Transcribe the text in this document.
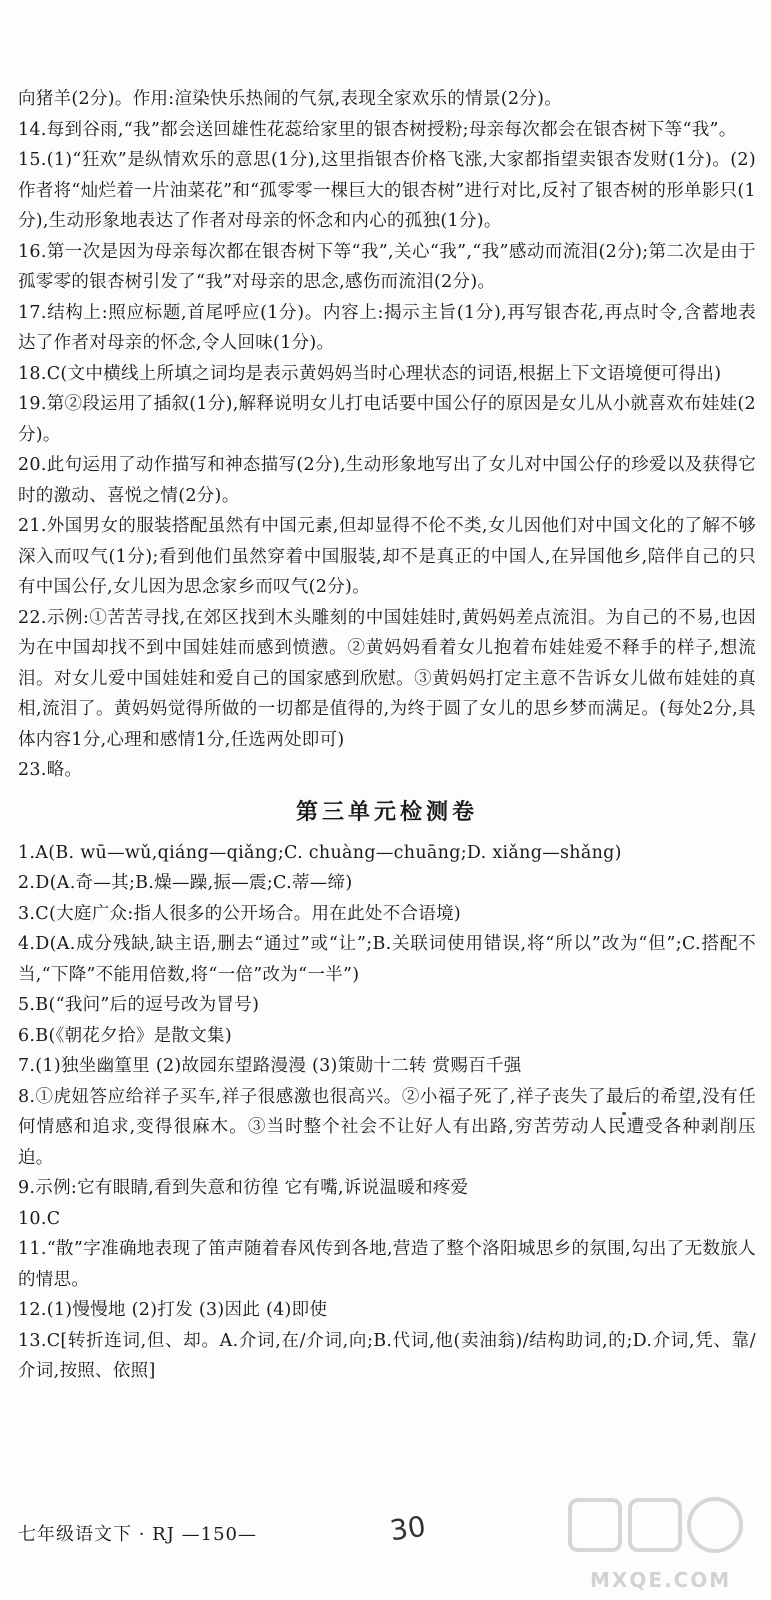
向猪羊(2分)。作用:渲染快乐热闹的气氛,表现全家欢乐的情景(2分)。

14.每到谷雨,“我”都会送回雄性花蕊给家里的银杏树授粉;母亲每次都会在银杏树下等“我”。

15.(1)“狂欢”是纵情欢乐的意思(1分),这里指银杏价格飞涨,大家都指望卖银杏发财(1分)。(2)作者将“灿烂着一片油菜花”和“孤零零一棵巨大的银杏树”进行对比,反衬了银杏树的形单影只(1分),生动形象地表达了作者对母亲的怀念和内心的孤独(1分)。

16.第一次是因为母亲每次都在银杏树下等“我”,关心“我”,“我”感动而流泪(2分);第二次是由于孤零零的银杏树引发了“我”对母亲的思念,感伤而流泪(2分)。

17.结构上:照应标题,首尾呼应(1分)。内容上:揭示主旨(1分),再写银杏花,再点时令,含蓄地表达了作者对母亲的怀念,令人回味(1分)。

18.C(文中横线上所填之词均是表示黄妈妈当时心理状态的词语,根据上下文语境便可得出)

19.第②段运用了插叙(1分),解释说明女儿打电话要中国公仔的原因是女儿从小就喜欢布娃娃(2分)。

20.此句运用了动作描写和神态描写(2分),生动形象地写出了女儿对中国公仔的珍爱以及获得它时的激动、喜悦之情(2分)。

21.外国男女的服装搭配虽然有中国元素,但却显得不伦不类,女儿因他们对中国文化的了解不够深入而叹气(1分);看到他们虽然穿着中国服装,却不是真正的中国人,在异国他乡,陪伴自己的只有中国公仔,女儿因为思念家乡而叹气(2分)。

22.示例:①苦苦寻找,在郊区找到木头雕刻的中国娃娃时,黄妈妈差点流泪。为自己的不易,也因为在中国却找不到中国娃娃而感到愤懑。②黄妈妈看着女儿抱着布娃娃爱不释手的样子,想流泪。对女儿爱中国娃娃和爱自己的国家感到欣慰。③黄妈妈打定主意不告诉女儿做布娃娃的真相,流泪了。黄妈妈觉得所做的一切都是值得的,为终于圆了女儿的思乡梦而满足。(每处2分,具体内容1分,心理和感情1分,任选两处即可)

23.略。

第三单元检测卷

1.A(B. wū—wǔ,qiáng—qiǎng;C. chuàng—chuāng;D. xiǎng—shǎng)

2.D(A.奇—其;B.燥—躁,振—震;C.蒂—缔)

3.C(大庭广众:指人很多的公开场合。用在此处不合语境)

4.D(A.成分残缺,缺主语,删去“通过”或“让”;B.关联词使用错误,将“所以”改为“但”;C.搭配不当,“下降”不能用倍数,将“一倍”改为“一半”)

5.B(“我问”后的逗号改为冒号)

6.B(《朝花夕拾》是散文集)

7.(1)独坐幽篁里 (2)故园东望路漫漫 (3)策勋十二转 赏赐百千强

8.①虎妞答应给祥子买车,祥子很感激也很高兴。②小福子死了,祥子丧失了最后的希望,没有任何情感和追求,变得很麻木。③当时整个社会不让好人有出路,穷苦劳动人民遭受各种剥削压迫。

9.示例:它有眼睛,看到失意和彷徨 它有嘴,诉说温暖和疼爱

10.C

11.“散”字准确地表现了笛声随着春风传到各地,营造了整个洛阳城思乡的氛围,勾出了无数旅人的情思。

12.(1)慢慢地 (2)打发 (3)因此 (4)即使

13.C[转折连词,但、却。A.介词,在/介词,向;B.代词,他(卖油翁)/结构助词,的;D.介词,凭、靠/介词,按照、依照]

七年级语文下 · RJ —150—	30
MXQE.COM
